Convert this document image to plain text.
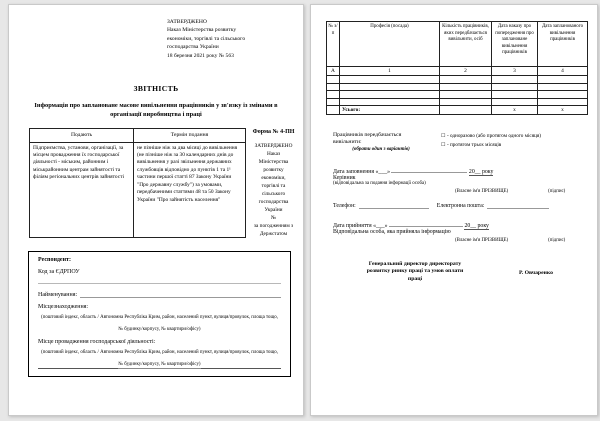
ЗАТВЕРДЖЕНО
Наказ Міністерства розвитку
економіки, торгівлі та сільського
господарства України
18 березня 2021 року № 563
ЗВІТНІСТЬ
Інформація про заплановане масове вивільнення працівників у зв'язку із змінами в організації виробництва і праці
Подають	Термін подання
Підприємства, установи, організації, за місцем провадження їх господарської діяльності - міським, районним і міськрайонним центрам зайнятості та філіям регіональних центрів зайнятості	не пізніше ніж за два місяці до вивільнення (не пізніше ніж за 30 календарних днів до вивільнення у разі звільнення державних службовців відповідно до пунктів 1 та 1¹ частини першої статті 87 Закону України "Про державну службу") за умовами, передбаченими статтями 48 та 50 Закону України "Про зайнятість населення"
Форма № 4-ПН
ЗАТВЕРДЖЕНО
Наказ Міністерства
розвитку економіки,
торгівлі та сільського
господарства України
№
за погодженням з
Держстатом
Респондент:
Код за ЄДРПОУ
Найменування:
Місцезнаходження:
(поштовий індекс, область / Автономна Республіка Крим, район, населений пункт, вулиця/провулок, площа тощо,
№ будинку/корпусу, № квартири/офісу)
Місце провадження господарської діяльності:
(поштовий індекс, область / Автономна Республіка Крим, район, населений пункт, вулиця/провулок, площа тощо,
№ будинку/корпусу, № квартири/офісу)
№ з/п	Професія (посада)	Кількість працівників, яких передбачається вивільнити, осіб	Дата наказу про попередження про заплановане вивільнення працівників	Дата запланованого вивільнення працівників
А	1	2	3	4

	Усього:		х	х
Працівників передбачається вивільнити:
(обрати один з варіантів)
☐ - одноразово (або протягом одного місяця)
☐ - протягом трьох місяців
Дата заповнення «___»	20__ року
Керівник
(відповідальна за подання інформації особа)
(Власне ім'я ПРІЗВИЩЕ)	(підпис)
Телефон:	Електронна пошта:
Дата прийняття «___»	20__ року
Відповідальна особа, яка прийняла інформацію
(Власне ім'я ПРІЗВИЩЕ)	(підпис)
Генеральний директор директорату розвитку ринку праці та умов оплати праці
Р. Овчаренко
